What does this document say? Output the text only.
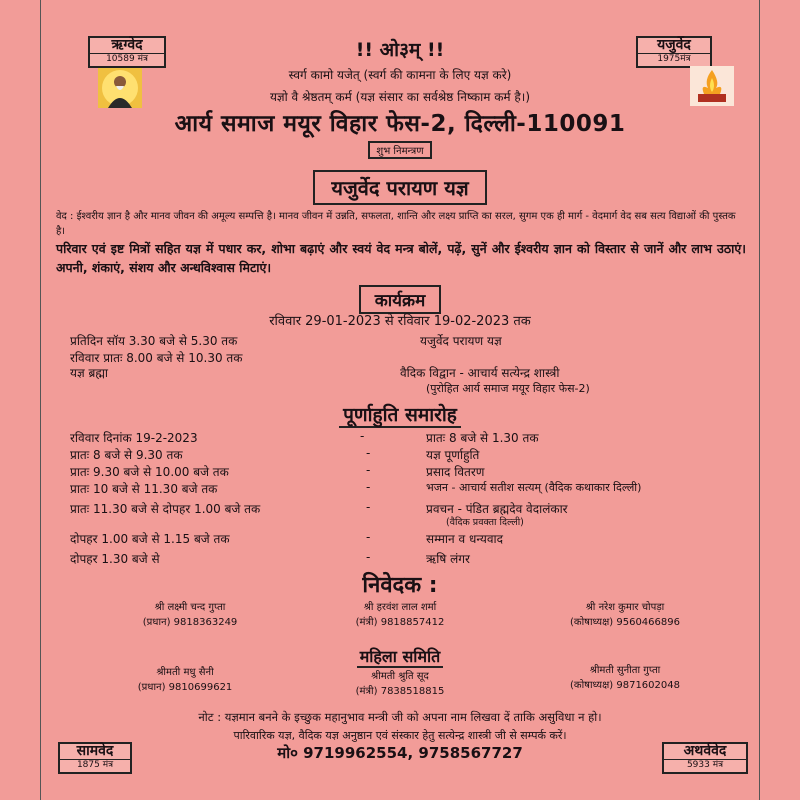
ऋग्वेद
10589 मंत्र
यजुर्वेद
1975मंत्र
सामवेद
1875 मंत्र
अथर्ववेद
5933 मंत्र
!! ओ३म् !!
स्वर्ग कामो यजेत् (स्वर्ग की कामना के लिए यज्ञ करे)
यज्ञो वै श्रेष्ठतम् कर्म (यज्ञ संसार का सर्वश्रेष्ठ निष्काम कर्म है।)
आर्य समाज मयूर विहार फेस-2, दिल्ली-110091
शुभ निमन्त्रण
यजुर्वेद परायण यज्ञ
वेद : ईश्वरीय ज्ञान है और मानव जीवन की अमूल्य सम्पत्ति है। मानव जीवन में उन्नति, सफलता, शान्ति और लक्ष्य प्राप्ति का सरल, सुगम एक ही मार्ग - वेदमार्ग वेद सब सत्य विद्याओं की पुस्तक है।
परिवार एवं इष्ट मित्रों सहित यज्ञ में पधार कर, शोभा बढ़ाएं और स्वयं वेद मन्त्र बोलें, पढ़ें, सुनें और ईश्वरीय ज्ञान को विस्तार से जानें और लाभ उठाएं। अपनी, शंकाएं, संशय और अन्धविश्वास मिटाएं।
कार्यक्रम
रविवार 29-01-2023 से रविवार 19-02-2023 तक
प्रतिदिन सॉय 3.30 बजे से 5.30 तक	यजुर्वेद परायण यज्ञ
रविवार प्रातः 8.00 बजे से 10.30 तक
यज्ञ ब्रह्मा	वैदिक विद्वान - आचार्य सत्येन्द्र शास्त्री
(पुरोहित आर्य समाज मयूर विहार फेस-2)
पूर्णाहुति समारोह
रविवार दिनांक 19-2-2023	-	प्रातः 8 बजे से 1.30 तक
प्रातः 8 बजे से 9.30 तक	-	यज्ञ पूर्णाहुति
प्रातः 9.30 बजे से 10.00 बजे तक	-	प्रसाद वितरण
प्रातः 10 बजे से 11.30 बजे तक	-	भजन - आचार्य सतीश सत्यम् (वैदिक कथाकार दिल्ली)
प्रातः 11.30 बजे से दोपहर 1.00 बजे तक	-	प्रवचन - पंडित ब्रह्मदेव वेदालंकार
(वैदिक प्रवक्ता दिल्ली)
दोपहर 1.00 बजे से 1.15 बजे तक	-	सम्मान व धन्यवाद
दोपहर 1.30 बजे से	-	ऋषि लंगर
निवेदक :
श्री लक्ष्मी चन्द गुप्ता
(प्रधान) 9818363249
श्री हरवंश लाल शर्मा
(मंत्री) 9818857412
श्री नरेश कुमार चोपड़ा
(कोषाध्यक्ष) 9560466896
महिला समिति
श्रीमती मधु सैनी
(प्रधान) 9810699621
श्रीमती श्रुति सूद
(मंत्री) 7838518815
श्रीमती सुनीता गुप्ता
(कोषाध्यक्ष) 9871602048
नोट : यज्ञमान बनने के इच्छुक महानुभाव मन्त्री जी को अपना नाम लिखवा दें ताकि असुविधा न हो।
पारिवारिक यज्ञ, वैदिक यज्ञ अनुष्ठान एवं संस्कार हेतु सत्येन्द्र शास्त्री जी से सम्पर्क करें।
मो० 9719962554, 9758567727
